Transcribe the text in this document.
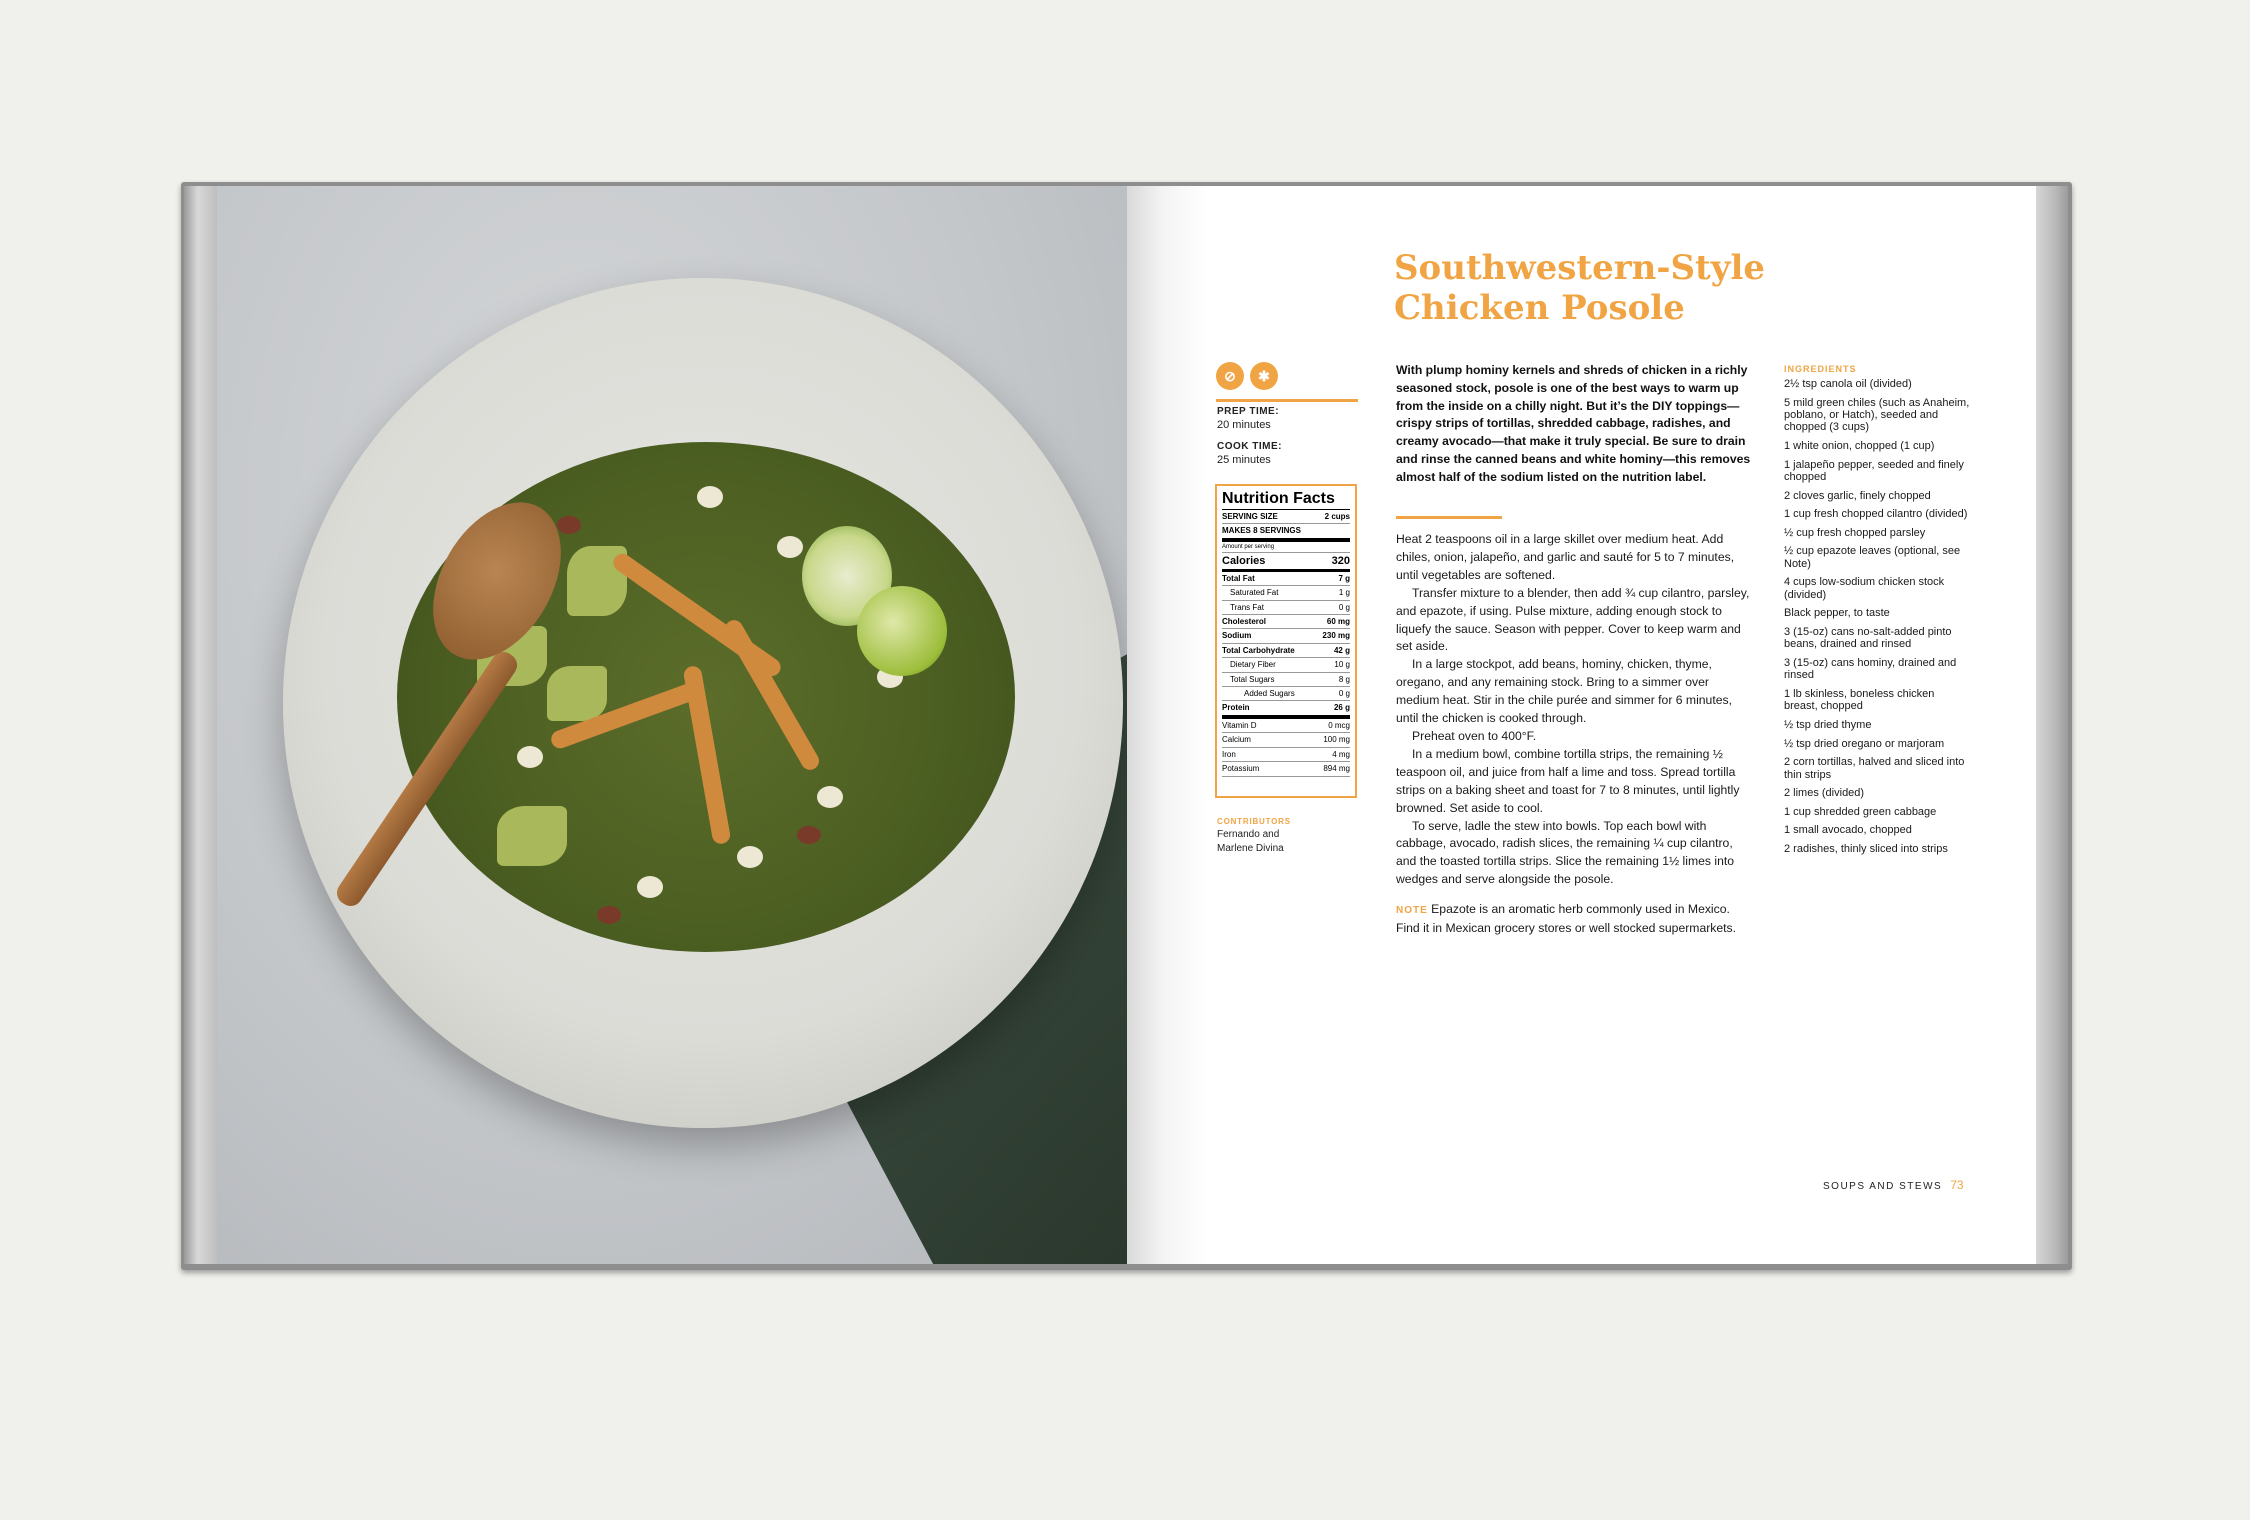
Southwestern-Style
Chicken Posole
⊘	✱
PREP TIME:
20 minutes
COOK TIME:
25 minutes
Nutrition Facts
SERVING SIZE	2 cups
MAKES 8 SERVINGS
Amount per serving
Calories	320
Total Fat	7 g
Saturated Fat	1 g
Trans Fat	0 g
Cholesterol	60 mg
Sodium	230 mg
Total Carbohydrate	42 g
Dietary Fiber	10 g
Total Sugars	8 g
Added Sugars	0 g
Protein	26 g
Vitamin D	0 mcg
Calcium	100 mg
Iron	4 mg
Potassium	894 mg
CONTRIBUTORS
Fernando and Marlene Divina

With plump hominy kernels and shreds of chicken in a richly seasoned stock, posole is one of the best ways to warm up from the inside on a chilly night. But it’s the DIY toppings—crispy strips of tortillas, shredded cabbage, radishes, and creamy avocado—that make it truly special. Be sure to drain and rinse the canned beans and white hominy—this removes almost half of the sodium listed on the nutrition label.

Heat 2 teaspoons oil in a large skillet over medium heat. Add chiles, onion, jalapeño, and garlic and sauté for 5 to 7 minutes, until vegetables are softened.

Transfer mixture to a blender, then add ¾ cup cilantro, parsley, and epazote, if using. Pulse mixture, adding enough stock to liquefy the sauce. Season with pepper. Cover to keep warm and set aside.

In a large stockpot, add beans, hominy, chicken, thyme, oregano, and any remaining stock. Bring to a simmer over medium heat. Stir in the chile purée and simmer for 6 minutes, until the chicken is cooked through.

Preheat oven to 400°F.

In a medium bowl, combine tortilla strips, the remaining ½ teaspoon oil, and juice from half a lime and toss. Spread tortilla strips on a baking sheet and toast for 7 to 8 minutes, until lightly browned. Set aside to cool.

To serve, ladle the stew into bowls. Top each bowl with cabbage, avocado, radish slices, the remaining ¼ cup cilantro, and the toasted tortilla strips. Slice the remaining 1½ limes into wedges and serve alongside the posole.

NOTE Epazote is an aromatic herb commonly used in Mexico. Find it in Mexican grocery stores or well stocked supermarkets.

INGREDIENTS
2½ tsp canola oil (divided)
5 mild green chiles (such as Anaheim, poblano, or Hatch), seeded and chopped (3 cups)
1 white onion, chopped (1 cup)
1 jalapeño pepper, seeded and finely chopped
2 cloves garlic, finely chopped
1 cup fresh chopped cilantro (divided)
½ cup fresh chopped parsley
½ cup epazote leaves (optional, see Note)
4 cups low-sodium chicken stock (divided)
Black pepper, to taste
3 (15-oz) cans no-salt-added pinto beans, drained and rinsed
3 (15-oz) cans hominy, drained and rinsed
1 lb skinless, boneless chicken breast, chopped
½ tsp dried thyme
½ tsp dried oregano or marjoram
2 corn tortillas, halved and sliced into thin strips
2 limes (divided)
1 cup shredded green cabbage
1 small avocado, chopped
2 radishes, thinly sliced into strips
SOUPS AND STEWS 73
